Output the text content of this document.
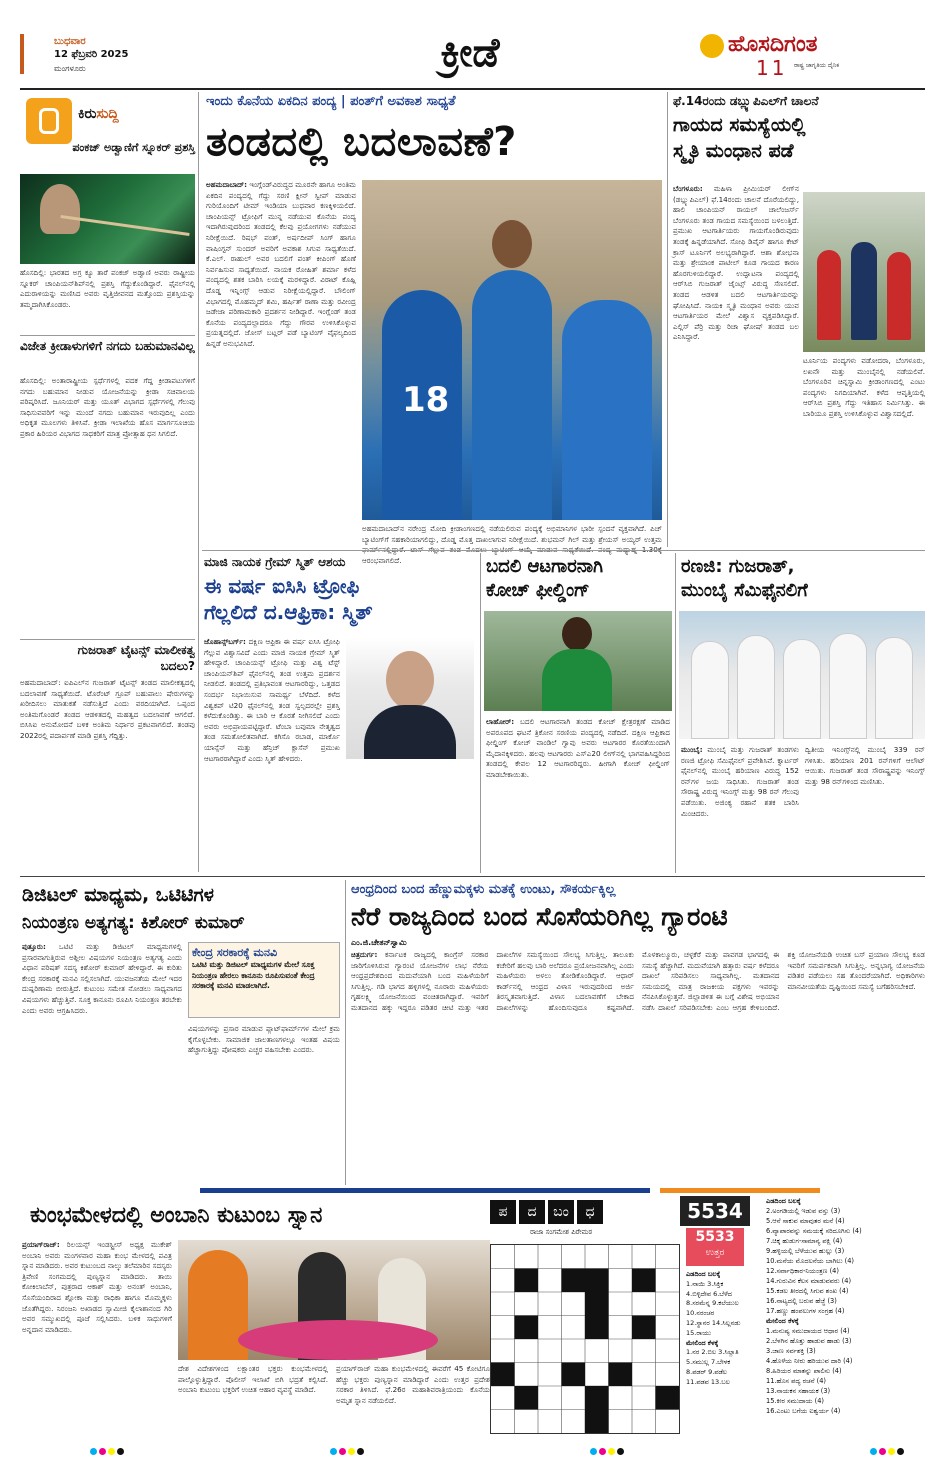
ಬುಧವಾರ
12 ಫೆಬ್ರವರಿ 2025
ಮಂಗಳೂರು	ಕ್ರೀಡೆ	ಹೊಸದಿಗಂತ
ರಾಷ್ಟ್ರ ಜಾಗೃತಿಯ ದೈನಿಕ
11
ಕಿರುಸುದ್ದಿ
ಪಂಕಜ್ ಅಡ್ವಾಣಿಗೆ ಸ್ನೂಕರ್ ಪ್ರಶಸ್ತಿ
ಹೊಸದಿಲ್ಲಿ: ಭಾರತದ ಅಗ್ರ ಕ್ಯೂ ತಾರೆ ಪಂಕಜ್ ಅಡ್ವಾಣಿ ಅವರು ರಾಷ್ಟ್ರೀಯ ಸ್ನೂಕರ್ ಚಾಂಪಿಯನ್‌ಶಿಪ್‌ನಲ್ಲಿ ಪ್ರಶಸ್ತಿ ಗೆದ್ದುಕೊಂಡಿದ್ದಾರೆ. ಫೈನಲ್‌ನಲ್ಲಿ ಎದುರಾಳಿಯನ್ನು ಮಣಿಸಿದ ಅವರು ವೃತ್ತಿಜೀವನದ ಮತ್ತೊಂದು ಪ್ರಶಸ್ತಿಯನ್ನು ತಮ್ಮದಾಗಿಸಿಕೊಂಡರು.
ವಿಜೇತ ಕ್ರೀಡಾಳುಗಳಿಗೆ ನಗದು ಬಹುಮಾನವಿಲ್ಲ
ಹೊಸದಿಲ್ಲಿ: ಅಂತಾರಾಷ್ಟ್ರೀಯ ಸ್ಪರ್ಧೆಗಳಲ್ಲಿ ಪದಕ ಗೆದ್ದ ಕ್ರೀಡಾಪಟುಗಳಿಗೆ ನಗದು ಬಹುಮಾನ ನೀಡುವ ಯೋಜನೆಯನ್ನು ಕ್ರೀಡಾ ಸಚಿವಾಲಯ ಪರಿಷ್ಕರಿಸಿದೆ. ಜೂನಿಯರ್ ಮತ್ತು ಯೂತ್ ವಿಭಾಗದ ಸ್ಪರ್ಧೆಗಳಲ್ಲಿ ಗೆಲುವು ಸಾಧಿಸುವವರಿಗೆ ಇನ್ನು ಮುಂದೆ ನಗದು ಬಹುಮಾನ ಇರುವುದಿಲ್ಲ ಎಂದು ಅಧಿಕೃತ ಮೂಲಗಳು ತಿಳಿಸಿವೆ. ಕ್ರೀಡಾ ಇಲಾಖೆಯ ಹೊಸ ಮಾರ್ಗಸೂಚಿಯ ಪ್ರಕಾರ ಹಿರಿಯರ ವಿಭಾಗದ ಸಾಧಕರಿಗೆ ಮಾತ್ರ ಪ್ರೋತ್ಸಾಹ ಧನ ಸಿಗಲಿದೆ.
ಗುಜರಾತ್ ಟೈಟನ್ಸ್ ಮಾಲೀಕತ್ವ ಬದಲು?
ಅಹಮದಾಬಾದ್: ಐಪಿಎಲ್‌ನ ಗುಜರಾತ್ ಟೈಟನ್ಸ್ ತಂಡದ ಮಾಲೀಕತ್ವದಲ್ಲಿ ಬದಲಾವಣೆ ಸಾಧ್ಯತೆಯಿದೆ. ಟೊರೆಂಟ್ ಗ್ರೂಪ್ ಬಹುಪಾಲು ಷೇರುಗಳನ್ನು ಖರೀದಿಸಲು ಮಾತುಕತೆ ನಡೆಸುತ್ತಿದೆ ಎಂದು ವರದಿಯಾಗಿದೆ. ಒಪ್ಪಂದ ಅಂತಿಮಗೊಂಡರೆ ತಂಡದ ಆಡಳಿತದಲ್ಲಿ ಮಹತ್ವದ ಬದಲಾವಣೆ ಆಗಲಿದೆ. ಬಿಸಿಸಿಐ ಅನುಮೋದನೆ ಬಳಿಕ ಅಂತಿಮ ನಿರ್ಧಾರ ಪ್ರಕಟವಾಗಲಿದೆ. ತಂಡವು 2022ರಲ್ಲಿ ಪದಾರ್ಪಣೆ ಮಾಡಿ ಪ್ರಶಸ್ತಿ ಗೆದ್ದಿತ್ತು.
ಇಂದು ಕೊನೆಯ ಏಕದಿನ ಪಂದ್ಯ | ಪಂತ್‌ಗೆ ಅವಕಾಶ ಸಾಧ್ಯತೆ
ತಂಡದಲ್ಲಿ ಬದಲಾವಣೆ?
ಅಹಮದಾಬಾದ್: ಇಂಗ್ಲೆಂಡ್‌ವಿರುದ್ಧದ ಮೂರನೇ ಹಾಗೂ ಅಂತಿಮ ಏಕದಿನ ಪಂದ್ಯದಲ್ಲಿ ಗೆದ್ದು ಸರಣಿ ಕ್ಲೀನ್ ಸ್ವೀಪ್ ಮಾಡುವ ಗುರಿಯೊಂದಿಗೆ ಟೀಮ್ ಇಂಡಿಯಾ ಬುಧವಾರ ಕಣಕ್ಕಿಳಿಯಲಿದೆ. ಚಾಂಪಿಯನ್ಸ್ ಟ್ರೋಫಿಗೆ ಮುನ್ನ ನಡೆಯುವ ಕೊನೆಯ ಪಂದ್ಯ ಇದಾಗಿರುವುದರಿಂದ ತಂಡದಲ್ಲಿ ಕೆಲವು ಪ್ರಯೋಗಗಳು ನಡೆಯುವ ನಿರೀಕ್ಷೆಯಿದೆ. ರಿಷಭ್ ಪಂತ್, ಅರ್ಷದೀಪ್ ಸಿಂಗ್ ಹಾಗೂ ವಾಷಿಂಗ್ಟನ್ ಸುಂದರ್ ಅವರಿಗೆ ಅವಕಾಶ ಸಿಗುವ ಸಾಧ್ಯತೆಯಿದೆ. ಕೆ.ಎಲ್. ರಾಹುಲ್ ಅವರ ಬದಲಿಗೆ ಪಂತ್ ಕೀಪಿಂಗ್ ಹೊಣೆ ನಿರ್ವಹಿಸುವ ಸಾಧ್ಯತೆಯಿದೆ. ನಾಯಕ ರೋಹಿತ್ ಶರ್ಮಾ ಕಳೆದ ಪಂದ್ಯದಲ್ಲಿ ಶತಕ ಬಾರಿಸಿ ಲಯಕ್ಕೆ ಮರಳಿದ್ದಾರೆ. ವಿರಾಟ್ ಕೊಹ್ಲಿ ದೊಡ್ಡ ಇನ್ನಿಂಗ್ಸ್ ಆಡುವ ನಿರೀಕ್ಷೆಯಲ್ಲಿದ್ದಾರೆ. ಬೌಲಿಂಗ್ ವಿಭಾಗದಲ್ಲಿ ಮೊಹಮ್ಮದ್ ಶಮಿ, ಹರ್ಷಿತ್ ರಾಣಾ ಮತ್ತು ರವೀಂದ್ರ ಜಡೇಜಾ ಪರಿಣಾಮಕಾರಿ ಪ್ರದರ್ಶನ ನೀಡಿದ್ದಾರೆ. ಇಂಗ್ಲೆಂಡ್ ತಂಡ ಕೊನೆಯ ಪಂದ್ಯದಲ್ಲಾದರೂ ಗೆದ್ದು ಗೌರವ ಉಳಿಸಿಕೊಳ್ಳುವ ಪ್ರಯತ್ನದಲ್ಲಿದೆ. ಜೋಸ್ ಬಟ್ಲರ್ ಪಡೆ ಬ್ಯಾಟಿಂಗ್ ವೈಫಲ್ಯದಿಂದ ಹಿನ್ನಡೆ ಅನುಭವಿಸಿದೆ.
18
ಅಹಮದಾಬಾದ್‌ನ ನರೇಂದ್ರ ಮೋದಿ ಕ್ರೀಡಾಂಗಣದಲ್ಲಿ ನಡೆಯಲಿರುವ ಪಂದ್ಯಕ್ಕೆ ಅಭಿಮಾನಿಗಳ ಭಾರೀ ಸ್ಪಂದನೆ ವ್ಯಕ್ತವಾಗಿದೆ. ಪಿಚ್ ಬ್ಯಾಟಿಂಗ್‌ಗೆ ಸಹಕಾರಿಯಾಗಲಿದ್ದು, ದೊಡ್ಡ ಮೊತ್ತ ದಾಖಲಾಗುವ ನಿರೀಕ್ಷೆಯಿದೆ. ಶುಭಮನ್ ಗಿಲ್ ಮತ್ತು ಶ್ರೇಯಸ್ ಅಯ್ಯರ್ ಉತ್ತಮ ಆರಂಭವಾಗಲಿದೆ.
ಫೆ.14ರಂದು ಡಬ್ಲ್ಯುಪಿಎಲ್‌ಗೆ ಚಾಲನೆ
ಗಾಯದ ಸಮಸ್ಯೆಯಲ್ಲಿ
ಸ್ಮೃತಿ ಮಂಧಾನ ಪಡೆ
ಬೆಂಗಳೂರು: ಮಹಿಳಾ ಪ್ರೀಮಿಯರ್ ಲೀಗ್‌ನ (ಡಬ್ಲ್ಯುಪಿಎಲ್) ಫೆ.14ರಂದು ಚಾಲನೆ ದೊರೆಯಲಿದ್ದು, ಹಾಲಿ ಚಾಂಪಿಯನ್ ರಾಯಲ್ ಚಾಲೆಂಜರ್ಸ್ ಬೆಂಗಳೂರು ತಂಡ ಗಾಯದ ಸಮಸ್ಯೆಯಿಂದ ಬಳಲುತ್ತಿದೆ. ಪ್ರಮುಖ ಆಟಗಾರ್ತಿಯರು ಗಾಯಗೊಂಡಿರುವುದು ತಂಡಕ್ಕೆ ಹಿನ್ನಡೆಯಾಗಿದೆ. ಸೋಫಿ ಡಿವೈನ್ ಹಾಗೂ ಕೇಟ್ ಕ್ರಾಸ್ ಟೂರ್ನಿಗೆ ಅಲಭ್ಯರಾಗಿದ್ದಾರೆ. ಆಶಾ ಶೋಭನಾ ಮತ್ತು ಶ್ರೇಯಾಂಕ ಪಾಟೀಲ್ ಕೂಡ ಗಾಯದ ಕಾರಣ ಹೊರಗುಳಿಯಲಿದ್ದಾರೆ. ಉದ್ಘಾಟನಾ ಪಂದ್ಯದಲ್ಲಿ ಆರ್‌ಸಿಬಿ ಗುಜರಾತ್ ಜೈಂಟ್ಸ್ ವಿರುದ್ಧ ಸೆಣಸಲಿದೆ. ತಂಡದ ಆಡಳಿತ ಬದಲಿ ಆಟಗಾರ್ತಿಯರನ್ನು ಘೋಷಿಸಿದೆ. ನಾಯಕಿ ಸ್ಮೃತಿ ಮಂಧಾನ ಅವರು ಯುವ ಆಟಗಾರ್ತಿಯರ ಮೇಲೆ ವಿಶ್ವಾಸ ವ್ಯಕ್ತಪಡಿಸಿದ್ದಾರೆ. ಎಲ್ಲಿಸ್ ಪೆರ್ರಿ ಮತ್ತು ರಿಚಾ ಘೋಷ್ ತಂಡದ ಬಲ ಎನಿಸಿದ್ದಾರೆ.
ಟೂರ್ನಿಯ ಪಂದ್ಯಗಳು ವಡೋದರಾ, ಬೆಂಗಳೂರು, ಲಖನೌ ಮತ್ತು ಮುಂಬೈನಲ್ಲಿ ನಡೆಯಲಿವೆ. ಬೆಂಗಳೂರಿನ ಚಿನ್ನಸ್ವಾಮಿ ಕ್ರೀಡಾಂಗಣದಲ್ಲಿ ಎಂಟು ಪಂದ್ಯಗಳು ನಿಗದಿಯಾಗಿವೆ. ಕಳೆದ ಆವೃತ್ತಿಯಲ್ಲಿ ಆರ್‌ಸಿಬಿ ಪ್ರಶಸ್ತಿ ಗೆದ್ದು ಇತಿಹಾಸ ನಿರ್ಮಿಸಿತ್ತು. ಈ ಬಾರಿಯೂ ಪ್ರಶಸ್ತಿ ಉಳಿಸಿಕೊಳ್ಳುವ ವಿಶ್ವಾಸದಲ್ಲಿದೆ.
ಮಾಜಿ ನಾಯಕ ಗ್ರೇಮ್ ಸ್ಮಿತ್ ಆಶಯ
ಈ ವರ್ಷ ಐಸಿಸಿ ಟ್ರೋಫಿ
ಗೆಲ್ಲಲಿದೆ ದ.ಆಫ್ರಿಕಾ: ಸ್ಮಿತ್
ಜೊಹಾನ್ಸ್‌ಬರ್ಗ್: ದಕ್ಷಿಣ ಆಫ್ರಿಕಾ ಈ ವರ್ಷ ಐಸಿಸಿ ಟ್ರೋಫಿ ಗೆಲ್ಲುವ ವಿಶ್ವಾಸವಿದೆ ಎಂದು ಮಾಜಿ ನಾಯಕ ಗ್ರೇಮ್ ಸ್ಮಿತ್ ಹೇಳಿದ್ದಾರೆ. ಚಾಂಪಿಯನ್ಸ್ ಟ್ರೋಫಿ ಮತ್ತು ವಿಶ್ವ ಟೆಸ್ಟ್ ಚಾಂಪಿಯನ್‌ಶಿಪ್ ಫೈನಲ್‌ನಲ್ಲಿ ತಂಡ ಉತ್ತಮ ಪ್ರದರ್ಶನ ನೀಡಲಿದೆ. ತಂಡದಲ್ಲಿ ಪ್ರತಿಭಾವಂತ ಆಟಗಾರರಿದ್ದು, ಒತ್ತಡದ ಸಂದರ್ಭ ನಿಭಾಯಿಸುವ ಸಾಮರ್ಥ್ಯ ಬೆಳೆದಿದೆ. ಕಳೆದ ವಿಶ್ವಕಪ್ ಟಿ20 ಫೈನಲ್‌ನಲ್ಲಿ ತಂಡ ಸ್ವಲ್ಪದರಲ್ಲೇ ಪ್ರಶಸ್ತಿ ಕಳೆದುಕೊಂಡಿತ್ತು. ಈ ಬಾರಿ ಆ ಕೊರತೆ ನೀಗಿಸಲಿದೆ ಎಂದು ಅವರು ಅಭಿಪ್ರಾಯಪಟ್ಟಿದ್ದಾರೆ. ಟೆಂಬಾ ಬವುಮಾ ನೇತೃತ್ವದ ತಂಡ ಸಮತೋಲಿತವಾಗಿದೆ. ಕಗಿಸೊ ರಬಾಡ, ಮಾರ್ಕೊ ಯಾನ್ಸೆನ್ ಮತ್ತು ಹೆನ್ರಿಚ್ ಕ್ಲಾಸೆನ್ ಪ್ರಮುಖ ಆಟಗಾರರಾಗಿದ್ದಾರೆ ಎಂದು ಸ್ಮಿತ್ ಹೇಳಿದರು.
ಬದಲಿ ಆಟಗಾರನಾಗಿ
ಕೋಚ್ ಫೀಲ್ಡಿಂಗ್
ಲಾಹೋರ್: ಬದಲಿ ಆಟಗಾರನಾಗಿ ತಂಡದ ಕೋಚ್ ಕ್ಷೇತ್ರರಕ್ಷಣೆ ಮಾಡಿದ ಅಪರೂಪದ ಘಟನೆ ತ್ರಿಕೋನ ಸರಣಿಯ ಪಂದ್ಯದಲ್ಲಿ ನಡೆದಿದೆ. ದಕ್ಷಿಣ ಆಫ್ರಿಕಾದ ಫೀಲ್ಡಿಂಗ್ ಕೋಚ್ ವಾಂಡಿಲೆ ಗ್ವಾವು ಅವರು ಆಟಗಾರರ ಕೊರತೆಯಿಂದಾಗಿ ಮೈದಾನಕ್ಕಿಳಿದರು. ಹಲವು ಆಟಗಾರರು ಎಸ್‌ಎ20 ಲೀಗ್‌ನಲ್ಲಿ ಭಾಗವಹಿಸಿದ್ದರಿಂದ ತಂಡದಲ್ಲಿ ಕೇವಲ 12 ಆಟಗಾರರಿದ್ದರು. ಹೀಗಾಗಿ ಕೋಚ್ ಫೀಲ್ಡಿಂಗ್ ಮಾಡಬೇಕಾಯಿತು.
ರಣಜಿ: ಗುಜರಾತ್,
ಮುಂಬೈ ಸೆಮಿಫೈನಲಿಗೆ
ಮುಂಬೈ: ಮುಂಬೈ ಮತ್ತು ಗುಜರಾತ್ ತಂಡಗಳು ರಣಜಿ ಟ್ರೋಫಿ ಸೆಮಿಫೈನಲ್ ಪ್ರವೇಶಿಸಿವೆ. ಕ್ವಾರ್ಟರ್ ಫೈನಲ್‌ನಲ್ಲಿ ಮುಂಬೈ ಹರಿಯಾಣ ವಿರುದ್ಧ 152 ರನ್‌ಗಳ ಜಯ ಸಾಧಿಸಿತು. ಗುಜರಾತ್ ತಂಡ ಸೌರಾಷ್ಟ್ರ ವಿರುದ್ಧ ಇನಿಂಗ್ಸ್ ಮತ್ತು 98 ರನ್ ಗೆಲುವು ಪಡೆಯಿತು. ಅಜಿಂಕ್ಯ ರಹಾನೆ ಶತಕ ಬಾರಿಸಿ ಮಿಂಚಿದರು.
ದ್ವಿತೀಯ ಇನಿಂಗ್ಸ್‌ನಲ್ಲಿ ಮುಂಬೈ 339 ರನ್ ಗಳಿಸಿತು. ಹರಿಯಾಣ 201 ರನ್‌ಗಳಿಗೆ ಆಲೌಟ್ ಆಯಿತು. ಗುಜರಾತ್ ತಂಡ ಸೌರಾಷ್ಟ್ರವನ್ನು ಇನಿಂಗ್ಸ್ ಮತ್ತು 98 ರನ್‌ಗಳಿಂದ ಮಣಿಸಿತು.
ಡಿಜಿಟಲ್ ಮಾಧ್ಯಮ, ಒಟಿಟಿಗಳ
ನಿಯಂತ್ರಣ ಅತ್ಯಗತ್ಯ: ಕಿಶೋರ್ ಕುಮಾರ್
ಪುತ್ತೂರು: ಒಟಿಟಿ ಮತ್ತು ಡಿಜಿಟಲ್ ಮಾಧ್ಯಮಗಳಲ್ಲಿ ಪ್ರಸಾರವಾಗುತ್ತಿರುವ ಅಶ್ಲೀಲ ವಿಷಯಗಳ ನಿಯಂತ್ರಣ ಅತ್ಯಗತ್ಯ ಎಂದು ವಿಧಾನ ಪರಿಷತ್ ಸದಸ್ಯ ಕಿಶೋರ್ ಕುಮಾರ್ ಹೇಳಿದ್ದಾರೆ. ಈ ಕುರಿತು ಕೇಂದ್ರ ಸರಕಾರಕ್ಕೆ ಮನವಿ ಸಲ್ಲಿಸಲಾಗಿದೆ. ಯುವಜನತೆಯ ಮೇಲೆ ಇದರ ದುಷ್ಪರಿಣಾಮ ಬೀರುತ್ತಿದೆ. ಕುಟುಂಬ ಸಮೇತ ನೋಡಲು ಸಾಧ್ಯವಾಗದ ವಿಷಯಗಳು ಹೆಚ್ಚುತ್ತಿವೆ. ಸೂಕ್ತ ಕಾನೂನು ರೂಪಿಸಿ ನಿಯಂತ್ರಣ ತರಬೇಕು ಎಂದು ಅವರು ಆಗ್ರಹಿಸಿದರು.
ಕೇಂದ್ರ ಸರಕಾರಕ್ಕೆ ಮನವಿ
ಒಟಿಟಿ ಮತ್ತು ಡಿಜಿಟಲ್ ಮಾಧ್ಯಮಗಳ ಮೇಲೆ ಸೂಕ್ತ ನಿಯಂತ್ರಣ ಹೇರಲು ಕಾನೂನು ರೂಪಿಸುವಂತೆ ಕೇಂದ್ರ ಸರಕಾರಕ್ಕೆ ಮನವಿ ಮಾಡಲಾಗಿದೆ.
ವಿಷಯಗಳನ್ನು ಪ್ರಸಾರ ಮಾಡುವ ಪ್ಲಾಟ್‌ಫಾರ್ಮ್‌ಗಳ ಮೇಲೆ ಕ್ರಮ ಕೈಗೊಳ್ಳಬೇಕು. ಸಾಮಾಜಿಕ ಜಾಲತಾಣಗಳಲ್ಲೂ ಇಂತಹ ವಿಷಯ ಹೆಚ್ಚಾಗುತ್ತಿದ್ದು ಪೋಷಕರು ಎಚ್ಚರ ವಹಿಸಬೇಕು ಎಂದರು.
ಆಂಧ್ರದಿಂದ ಬಂದ ಹೆಣ್ಣುಮಕ್ಕಳು ಮತಕ್ಕೆ ಉಂಟು, ಸೌಕರ್ಯಕ್ಕಿಲ್ಲ
ನೆರೆ ರಾಜ್ಯದಿಂದ ಬಂದ ಸೊಸೆಯರಿಗಿಲ್ಲ ಗ್ಯಾರಂಟಿ
ಎಂ.ಜಿ.ಚೇತನ್‌ಸ್ವಾಮಿ
ಚಿತ್ರದುರ್ಗ: ಕರ್ನಾಟಕ ರಾಜ್ಯದಲ್ಲಿ ಕಾಂಗ್ರೆಸ್ ಸರಕಾರ ಜಾರಿಗೊಳಿಸಿರುವ ಗ್ಯಾರಂಟಿ ಯೋಜನೆಗಳ ಲಾಭ ನೆರೆಯ ಆಂಧ್ರಪ್ರದೇಶದಿಂದ ಮದುವೆಯಾಗಿ ಬಂದ ಮಹಿಳೆಯರಿಗೆ ಸಿಗುತ್ತಿಲ್ಲ. ಗಡಿ ಭಾಗದ ಹಳ್ಳಿಗಳಲ್ಲಿ ನೂರಾರು ಮಹಿಳೆಯರು ಗೃಹಲಕ್ಷ್ಮಿ ಯೋಜನೆಯಿಂದ ವಂಚಿತರಾಗಿದ್ದಾರೆ. ಇವರಿಗೆ ಮತದಾನದ ಹಕ್ಕು ಇದ್ದರೂ ಪಡಿತರ ಚೀಟಿ ಮತ್ತು ಇತರ ದಾಖಲೆಗಳ ಸಮಸ್ಯೆಯಿಂದ ಸೌಲಭ್ಯ ಸಿಗುತ್ತಿಲ್ಲ. ತಾಲೂಕು ಕಚೇರಿಗೆ ಹಲವು ಬಾರಿ ಅಲೆದರೂ ಪ್ರಯೋಜನವಾಗಿಲ್ಲ ಎಂದು ಮಹಿಳೆಯರು ಅಳಲು ತೋಡಿಕೊಂಡಿದ್ದಾರೆ. ಆಧಾರ್ ಕಾರ್ಡ್‌ನಲ್ಲಿ ಆಂಧ್ರದ ವಿಳಾಸ ಇರುವುದರಿಂದ ಅರ್ಜಿ ತಿರಸ್ಕೃತವಾಗುತ್ತಿದೆ. ವಿಳಾಸ ಬದಲಾವಣೆಗೆ ಬೇಕಾದ ದಾಖಲೆಗಳನ್ನು ಹೊಂದಿಸುವುದೂ ಕಷ್ಟವಾಗಿದೆ. ಮೊಳಕಾಲ್ಮೂರು, ಚಳ್ಳಕೆರೆ ಮತ್ತು ಪಾವಗಡ ಭಾಗದಲ್ಲಿ ಈ ಸಮಸ್ಯೆ ಹೆಚ್ಚಾಗಿದೆ. ಮದುವೆಯಾಗಿ ಹತ್ತಾರು ವರ್ಷ ಕಳೆದರೂ ದಾಖಲೆ ಸರಿಪಡಿಸಲು ಸಾಧ್ಯವಾಗಿಲ್ಲ. ಮತದಾನದ ಸಮಯದಲ್ಲಿ ಮಾತ್ರ ರಾಜಕೀಯ ಪಕ್ಷಗಳು ಇವರನ್ನು ನೆನಪಿಸಿಕೊಳ್ಳುತ್ತವೆ. ಜಿಲ್ಲಾಡಳಿತ ಈ ಬಗ್ಗೆ ವಿಶೇಷ ಅಭಿಯಾನ ನಡೆಸಿ ದಾಖಲೆ ಸರಿಪಡಿಸಬೇಕು ಎಂಬ ಆಗ್ರಹ ಕೇಳಿಬಂದಿದೆ. ಶಕ್ತಿ ಯೋಜನೆಯಡಿ ಉಚಿತ ಬಸ್ ಪ್ರಯಾಣ ಸೌಲಭ್ಯ ಕೂಡ ಇವರಿಗೆ ಸಮರ್ಪಕವಾಗಿ ಸಿಗುತ್ತಿಲ್ಲ. ಅನ್ನಭಾಗ್ಯ ಯೋಜನೆಯ ಪಡಿತರ ಪಡೆಯಲು ಸಹ ತೊಂದರೆಯಾಗಿದೆ. ಅಧಿಕಾರಿಗಳು ಮಾನವೀಯತೆಯ ದೃಷ್ಟಿಯಿಂದ ಸಮಸ್ಯೆ ಬಗೆಹರಿಸಬೇಕಿದೆ.
ಕುಂಭಮೇಳದಲ್ಲಿ ಅಂಬಾನಿ ಕುಟುಂಬ ಸ್ನಾನ
ಪ್ರಯಾಗ್‌ರಾಜ್: ರಿಲಯನ್ಸ್ ಇಂಡಸ್ಟ್ರೀಸ್ ಅಧ್ಯಕ್ಷ ಮುಕೇಶ್ ಅಂಬಾನಿ ಅವರು ಮಂಗಳವಾರ ಮಹಾ ಕುಂಭ ಮೇಳದಲ್ಲಿ ಪವಿತ್ರ ಸ್ನಾನ ಮಾಡಿದರು. ಅವರ ಕುಟುಂಬದ ನಾಲ್ಕು ತಲೆಮಾರಿನ ಸದಸ್ಯರು ತ್ರಿವೇಣಿ ಸಂಗಮದಲ್ಲಿ ಪುಣ್ಯಸ್ನಾನ ಮಾಡಿದರು. ತಾಯಿ ಕೋಕಿಲಾಬೆನ್, ಪುತ್ರರಾದ ಆಕಾಶ್ ಮತ್ತು ಅನಂತ್ ಅಂಬಾನಿ, ಸೊಸೆಯಂದಿರಾದ ಶ್ಲೋಕಾ ಮತ್ತು ರಾಧಿಕಾ ಹಾಗೂ ಮೊಮ್ಮಕ್ಕಳು ಜೊತೆಗಿದ್ದರು. ನಿರಂಜನಿ ಅಖಾಡದ ಸ್ವಾಮೀಜಿ ಕೈಲಾಶಾನಂದ ಗಿರಿ ಅವರ ಸಮ್ಮುಖದಲ್ಲಿ ಪೂಜೆ ಸಲ್ಲಿಸಿದರು. ಬಳಿಕ ಸಾಧುಗಳಿಗೆ ಅನ್ನದಾನ ಮಾಡಿದರು.
ದೇಶ ವಿದೇಶಗಳಿಂದ ಲಕ್ಷಾಂತರ ಭಕ್ತರು ಕುಂಭಮೇಳದಲ್ಲಿ ಪಾಲ್ಗೊಳ್ಳುತ್ತಿದ್ದಾರೆ. ಪೊಲೀಸ್ ಇಲಾಖೆ ಬಿಗಿ ಭದ್ರತೆ ಕಲ್ಪಿಸಿದೆ. ಅಂಬಾನಿ ಕುಟುಂಬ ಭಕ್ತರಿಗೆ ಉಚಿತ ಆಹಾರ ವ್ಯವಸ್ಥೆ ಮಾಡಿದೆ.
ಪ್ರಯಾಗ್‌ರಾಜ್ ಮಹಾ ಕುಂಭಮೇಳದಲ್ಲಿ ಈವರೆಗೆ 45 ಕೋಟಿಗೂ ಹೆಚ್ಚು ಭಕ್ತರು ಪುಣ್ಯಸ್ನಾನ ಮಾಡಿದ್ದಾರೆ ಎಂದು ಉತ್ತರ ಪ್ರದೇಶ ಸರಕಾರ ತಿಳಿಸಿದೆ. ಫೆ.26ರ ಮಹಾಶಿವರಾತ್ರಿಯಂದು ಕೊನೆಯ ಅಮೃತ ಸ್ನಾನ ನಡೆಯಲಿದೆ.
ಪ ದ ಬಂ ಧ	5534
5533
ಉತ್ತರ
ರಾಜಾ ಸಂಗಮೇಶ ಪಿರೇಮಠ
ಎಡದಿಂದ ಬಲಕ್ಕೆ
1.ನಾಯಿ 3.ಸಿಕ್ತಿಕ
4.ಬಿಳ್ಳಿದೇವ 6.ಬೆಳೆದ
8.ಸರಮೆನ್ನ 9.ಕಲೆಯುಲ
10.ನರಂಚರ
12.ಸ್ಥಾನರ 14.ಸಿಲ್ಲನಡು
15.ರಾಯು
ಮೇಲಿಂದ ಕೆಳಕ್ಕೆ
1.ನರ 2.ಬಿಲ 3.ಸಿಲ್ಲಾತಿ
5.ಸಮುಲ್ಲ 7.ಬೇಳಕ
8.ಪಡರ್‌ 9.ಪಡೆಲ
11.ಪಡವ 13.ಬಲ
ಎಡದಿಂದ ಬಲಕ್ಕೆ
2.ಅಂಗಡಿಯಲ್ಲಿ ಇಡುವ ವಸ್ತು (3)
5.ಆನೆ ಸಾಕುವ ಮಾವುತರ ಮನೆ (4)
6.ವ್ಯಾಪಾರವನ್ನು ಸಮಯಕ್ಕೆ ಸರಿದೂಗಿಸು (4)
7.ಚಿಕ್ಕ ಹುಡುಗ-ಸಾಮಾನ್ಯ ಪಕ್ಷಿ (4)
9.ಹಳ್ಳಿಯಲ್ಲಿ ಬೆಳೆಯುವ ಹುಲ್ಲು (3)
10.ಮನೆಯ ಮೊದಲನೆಯ ಬಾಗಿಲು (4)
12.ಸರ್ವಾಧಿಕಾರ-ನಿಯಂತ್ರಣ (4)
14.ಗುರುವಿನ ಕೆಲಸ ಮಾಡುವವರು (4)
15.ಕಡಲ ತೀರದಲ್ಲಿ ಸಿಗುವ ಶಂಖ (4)
16.ನಾಟ್ಯದಲ್ಲಿ ಬರುವ ಹೆಜ್ಜೆ (3)
17.ಹಣ್ಣು ಹಂಪಲುಗಳ ಸಂಗ್ರಹ (4)
ಮೇಲಿಂದ ಕೆಳಕ್ಕೆ
1.ಮನುಷ್ಯ ಸಮುದಾಯದ ಆಧಾರ (4)
2.ಬೆಳಗಿನ ಹೊತ್ತು ಹಾಡುವ ಹಾಡು (3)
3.ಜಾಣ ಸರ್ವಶಕ್ತಿ (3)
4.ಹೊಳೆಯ ನೀರು ಹರಿಯುವ ದಾರಿ (4)
8.ಹಿರಿಯರ ಮಾತನ್ನು ಪಾಲಿಸು (4)
11.ಹೊಸ ಪದ್ಯ ರಚನೆ (4)
13.ನಾಯಕನ ಸಹಾಯಕ (3)
15.ಕೀರ ಸಮುದಾಯ (4)
16.ಎಂಟು ಬಗೆಯ ಐಶ್ವರ್ಯ (4)
